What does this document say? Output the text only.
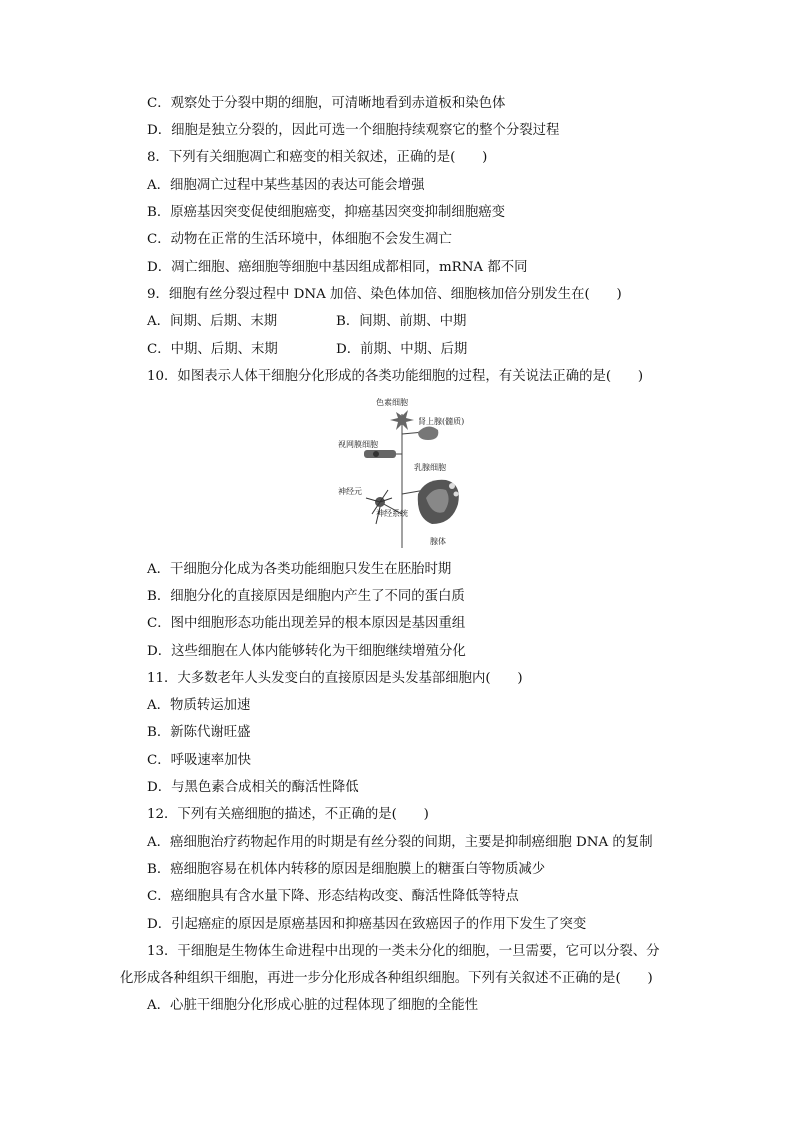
C．观察处于分裂中期的细胞，可清晰地看到赤道板和染色体
D．细胞是独立分裂的，因此可选一个细胞持续观察它的整个分裂过程
8．下列有关细胞凋亡和癌变的相关叙述，正确的是(　　)
A．细胞凋亡过程中某些基因的表达可能会增强
B．原癌基因突变促使细胞癌变，抑癌基因突变抑制细胞癌变
C．动物在正常的生活环境中，体细胞不会发生凋亡
D．凋亡细胞、癌细胞等细胞中基因组成都相同，mRNA 都不同
9．细胞有丝分裂过程中 DNA 加倍、染色体加倍、细胞核加倍分别发生在(　　)
A．间期、后期、末期	B．间期、前期、中期
C．中期、后期、末期	D．前期、中期、后期
10．如图表示人体干细胞分化形成的各类功能细胞的过程，有关说法正确的是(　　)
色素细胞
肾上腺(髓质)
视网膜细胞
乳腺细胞
神经元
神经系统
腺体
A．干细胞分化成为各类功能细胞只发生在胚胎时期
B．细胞分化的直接原因是细胞内产生了不同的蛋白质
C．图中细胞形态功能出现差异的根本原因是基因重组
D．这些细胞在人体内能够转化为干细胞继续增殖分化
11．大多数老年人头发变白的直接原因是头发基部细胞内(　　)
A．物质转运加速
B．新陈代谢旺盛
C．呼吸速率加快
D．与黑色素合成相关的酶活性降低
12．下列有关癌细胞的描述，不正确的是(　　)
A．癌细胞治疗药物起作用的时期是有丝分裂的间期，主要是抑制癌细胞 DNA 的复制
B．癌细胞容易在机体内转移的原因是细胞膜上的糖蛋白等物质减少
C．癌细胞具有含水量下降、形态结构改变、酶活性降低等特点
D．引起癌症的原因是原癌基因和抑癌基因在致癌因子的作用下发生了突变
13．干细胞是生物体生命进程中出现的一类未分化的细胞，一旦需要，它可以分裂、分
化形成各种组织干细胞，再进一步分化形成各种组织细胞。下列有关叙述不正确的是(　　)
A．心脏干细胞分化形成心脏的过程体现了细胞的全能性
